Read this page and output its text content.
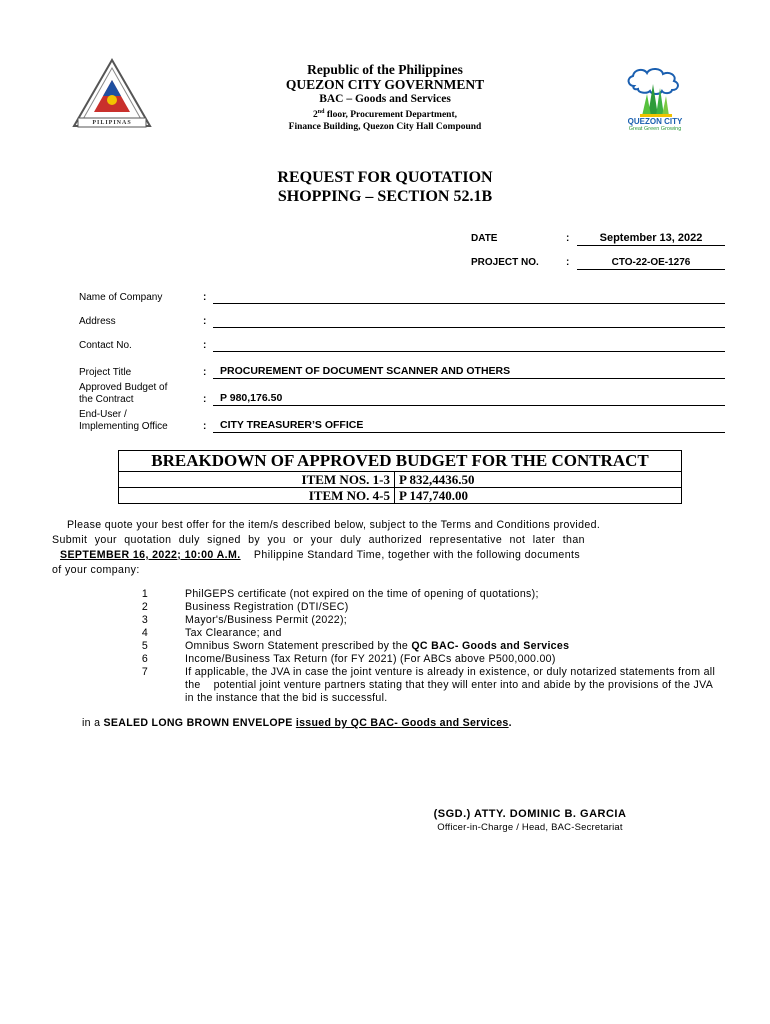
PILIPINAS	QUEZON CITY
Great Green Growing
Republic of the Philippines
QUEZON CITY GOVERNMENT
BAC – Goods and Services
2nd floor, Procurement Department,
Finance Building, Quezon City Hall Compound
REQUEST FOR QUOTATION
SHOPPING – SECTION 52.1B
DATE	:	September 13, 2022
PROJECT NO.	:	CTO-22-OE-1276
Name of Company	:
Address	:
Contact No.	:
Project Title	:	PROCUREMENT OF DOCUMENT SCANNER AND OTHERS
Approved Budget of
the Contract	:	P 980,176.50
End-User /
Implementing Office	:	CITY TREASURER’S OFFICE
BREAKDOWN OF APPROVED BUDGET FOR THE CONTRACT
ITEM NOS. 1-3 P 832,4436.50
ITEM NO. 4-5 P 147,740.00
Please quote your best offer for the item/s described below, subject to the Terms and Conditions provided.
Submit your quotation duly signed by you or your duly authorized representative not later than
SEPTEMBER 16, 2022; 10:00 A.M. Philippine Standard Time, together with the following documents
of your company:
1	PhilGEPS certificate (not expired on the time of opening of quotations);
2	Business Registration (DTI/SEC)
3	Mayor's/Business Permit (2022);
4	Tax Clearance; and
5	Omnibus Sworn Statement prescribed by the QC BAC- Goods and Services
6	Income/Business Tax Return (for FY 2021) (For ABCs above P500,000.00)
7	If applicable, the JVA in case the joint venture is already in existence, or duly notarized statements from all the    potential joint venture partners stating that they will enter into and abide by the provisions of the JVA in the instance that the bid is successful.
in a SEALED LONG BROWN ENVELOPE issued by QC BAC- Goods and Services.
(SGD.) ATTY. DOMINIC B. GARCIA
Officer-in-Charge / Head, BAC-Secretariat
